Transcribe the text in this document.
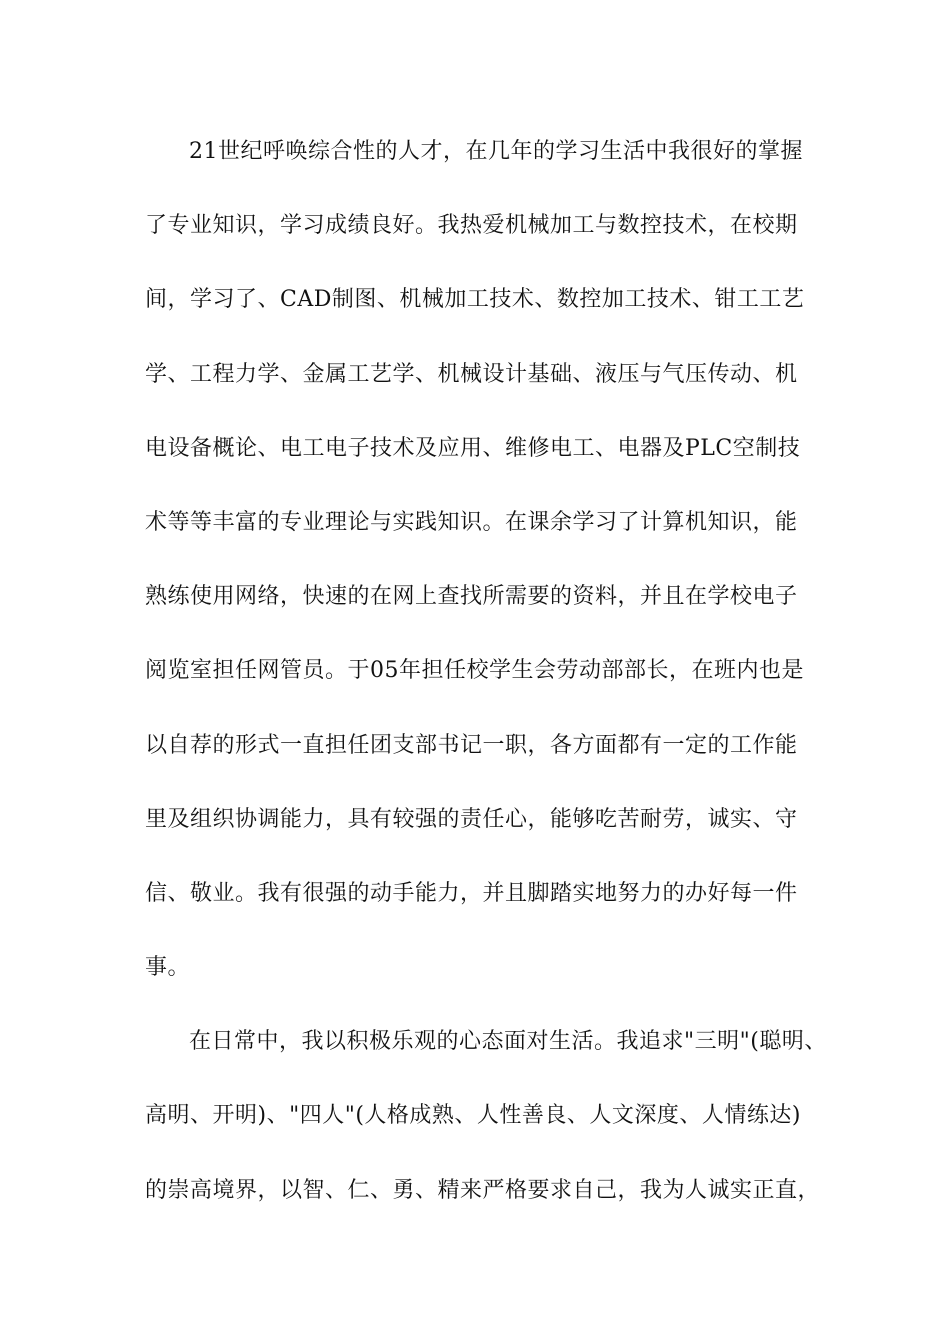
21世纪呼唤综合性的人才，在几年的学习生活中我很好的掌握
了专业知识，学习成绩良好。我热爱机械加工与数控技术，在校期
间，学习了、CAD制图、机械加工技术、数控加工技术、钳工工艺
学、工程力学、金属工艺学、机械设计基础、液压与气压传动、机
电设备概论、电工电子技术及应用、维修电工、电器及PLC空制技
术等等丰富的专业理论与实践知识。在课余学习了计算机知识，能
熟练使用网络，快速的在网上查找所需要的资料，并且在学校电子
阅览室担任网管员。于05年担任校学生会劳动部部长，在班内也是
以自荐的形式一直担任团支部书记一职，各方面都有一定的工作能
里及组织协调能力，具有较强的责任心，能够吃苦耐劳，诚实、守
信、敬业。我有很强的动手能力，并且脚踏实地努力的办好每一件
事。
在日常中，我以积极乐观的心态面对生活。我追求"三明"(聪明、
高明、开明)、"四人"(人格成熟、人性善良、人文深度、人情练达)
的崇高境界，以智、仁、勇、精来严格要求自己，我为人诚实正直，
